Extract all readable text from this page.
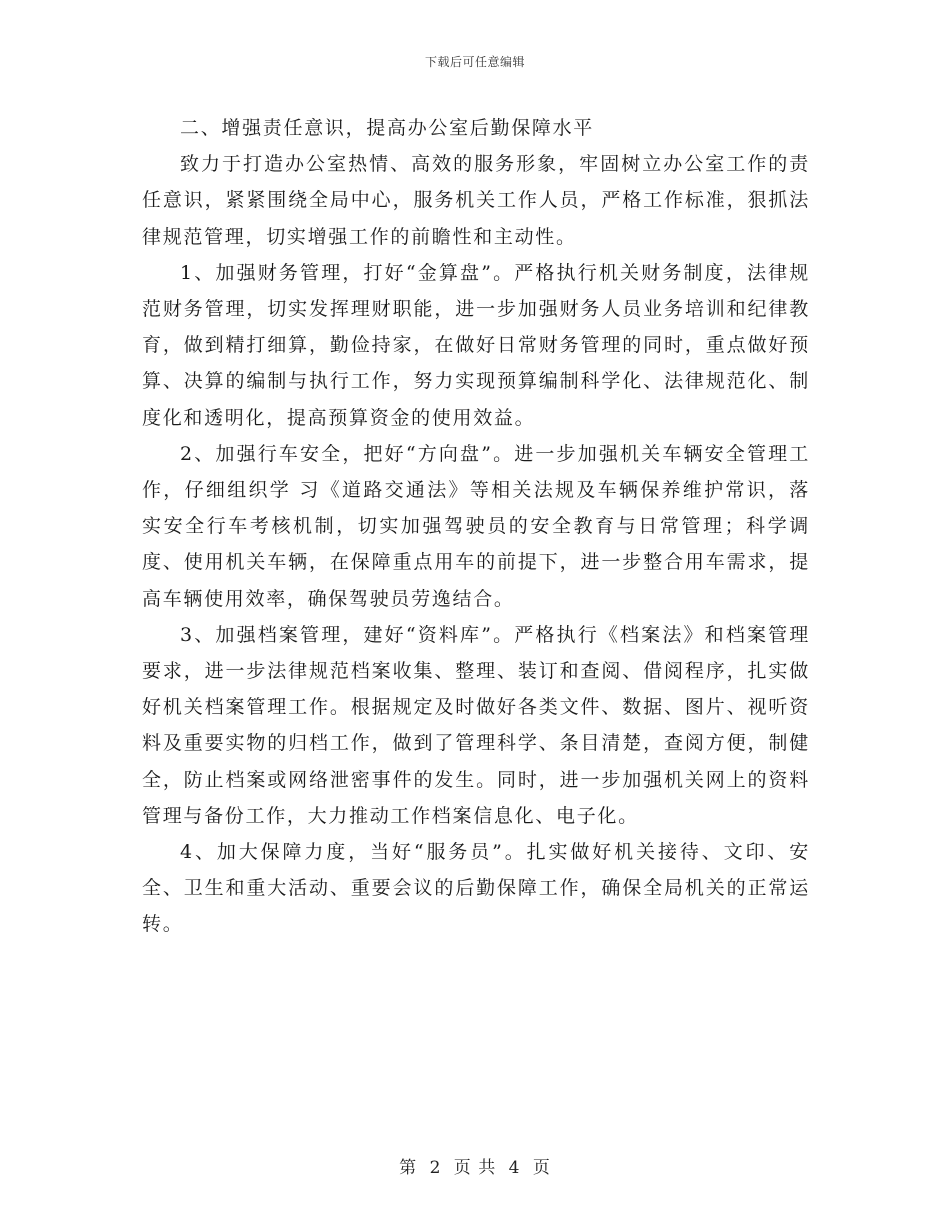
下载后可任意编辑

二、增强责任意识，提高办公室后勤保障水平

致力于打造办公室热情、高效的服务形象，牢固树立办公室工作的责任意识，紧紧围绕全局中心，服务机关工作人员，严格工作标准，狠抓法律规范管理，切实增强工作的前瞻性和主动性。

1、加强财务管理，打好“金算盘”。严格执行机关财务制度，法律规范财务管理，切实发挥理财职能，进一步加强财务人员业务培训和纪律教育，做到精打细算，勤俭持家，在做好日常财务管理的同时，重点做好预算、决算的编制与执行工作，努力实现预算编制科学化、法律规范化、制度化和透明化，提高预算资金的使用效益。

2、加强行车安全，把好“方向盘”。进一步加强机关车辆安全管理工作，仔细组织学 习《道路交通法》等相关法规及车辆保养维护常识，落实安全行车考核机制，切实加强驾驶员的安全教育与日常管理；科学调度、使用机关车辆，在保障重点用车的前提下，进一步整合用车需求，提高车辆使用效率，确保驾驶员劳逸结合。

3、加强档案管理，建好“资料库”。严格执行《档案法》和档案管理要求，进一步法律规范档案收集、整理、装订和查阅、借阅程序，扎实做好机关档案管理工作。根据规定及时做好各类文件、数据、图片、视听资料及重要实物的归档工作，做到了管理科学、条目清楚，查阅方便，制健全，防止档案或网络泄密事件的发生。同时，进一步加强机关网上的资料管理与备份工作，大力推动工作档案信息化、电子化。

4、加大保障力度，当好“服务员”。扎实做好机关接待、文印、安全、卫生和重大活动、重要会议的后勤保障工作，确保全局机关的正常运转。

第 2 页 共 4 页
